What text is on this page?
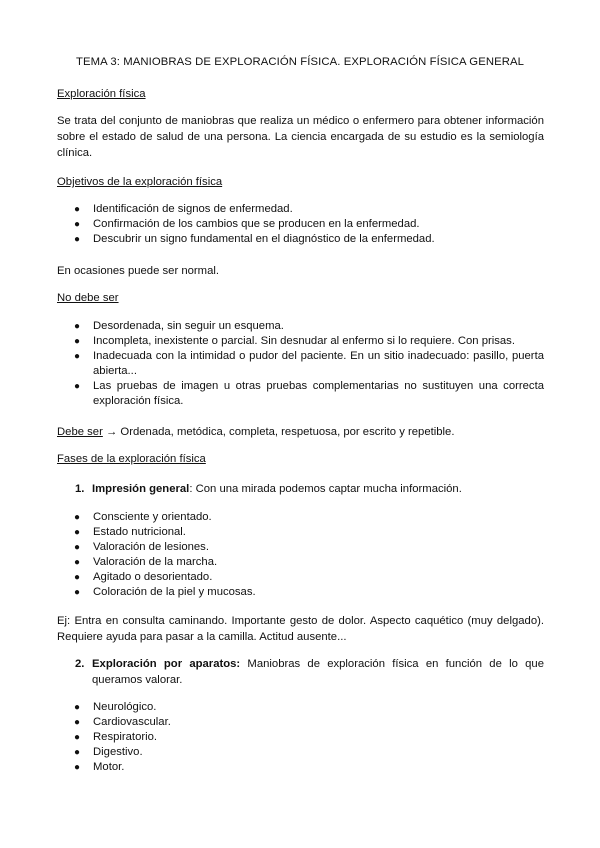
TEMA 3: MANIOBRAS DE EXPLORACIÓN FÍSICA. EXPLORACIÓN FÍSICA GENERAL
Exploración física
Se trata del conjunto de maniobras que realiza un médico o enfermero para obtener información sobre el estado de salud de una persona. La ciencia encargada de su estudio es la semiología clínica.
Objetivos de la exploración física
● Identificación de signos de enfermedad.
● Confirmación de los cambios que se producen en la enfermedad.
● Descubrir un signo fundamental en el diagnóstico de la enfermedad.
En ocasiones puede ser normal.
No debe ser
● Desordenada, sin seguir un esquema.
● Incompleta, inexistente o parcial. Sin desnudar al enfermo si lo requiere. Con prisas.
● Inadecuada con la intimidad o pudor del paciente. En un sitio inadecuado: pasillo, puerta abierta...
● Las pruebas de imagen u otras pruebas complementarias no sustituyen una correcta exploración física.
Debe ser → Ordenada, metódica, completa, respetuosa, por escrito y repetible.
Fases de la exploración física
1. Impresión general: Con una mirada podemos captar mucha información.
● Consciente y orientado.
● Estado nutricional.
● Valoración de lesiones.
● Valoración de la marcha.
● Agitado o desorientado.
● Coloración de la piel y mucosas.
Ej: Entra en consulta caminando. Importante gesto de dolor. Aspecto caquético (muy delgado). Requiere ayuda para pasar a la camilla. Actitud ausente...
2. Exploración por aparatos: Maniobras de exploración física en función de lo que queramos valorar.
● Neurológico.
● Cardiovascular.
● Respiratorio.
● Digestivo.
● Motor.
